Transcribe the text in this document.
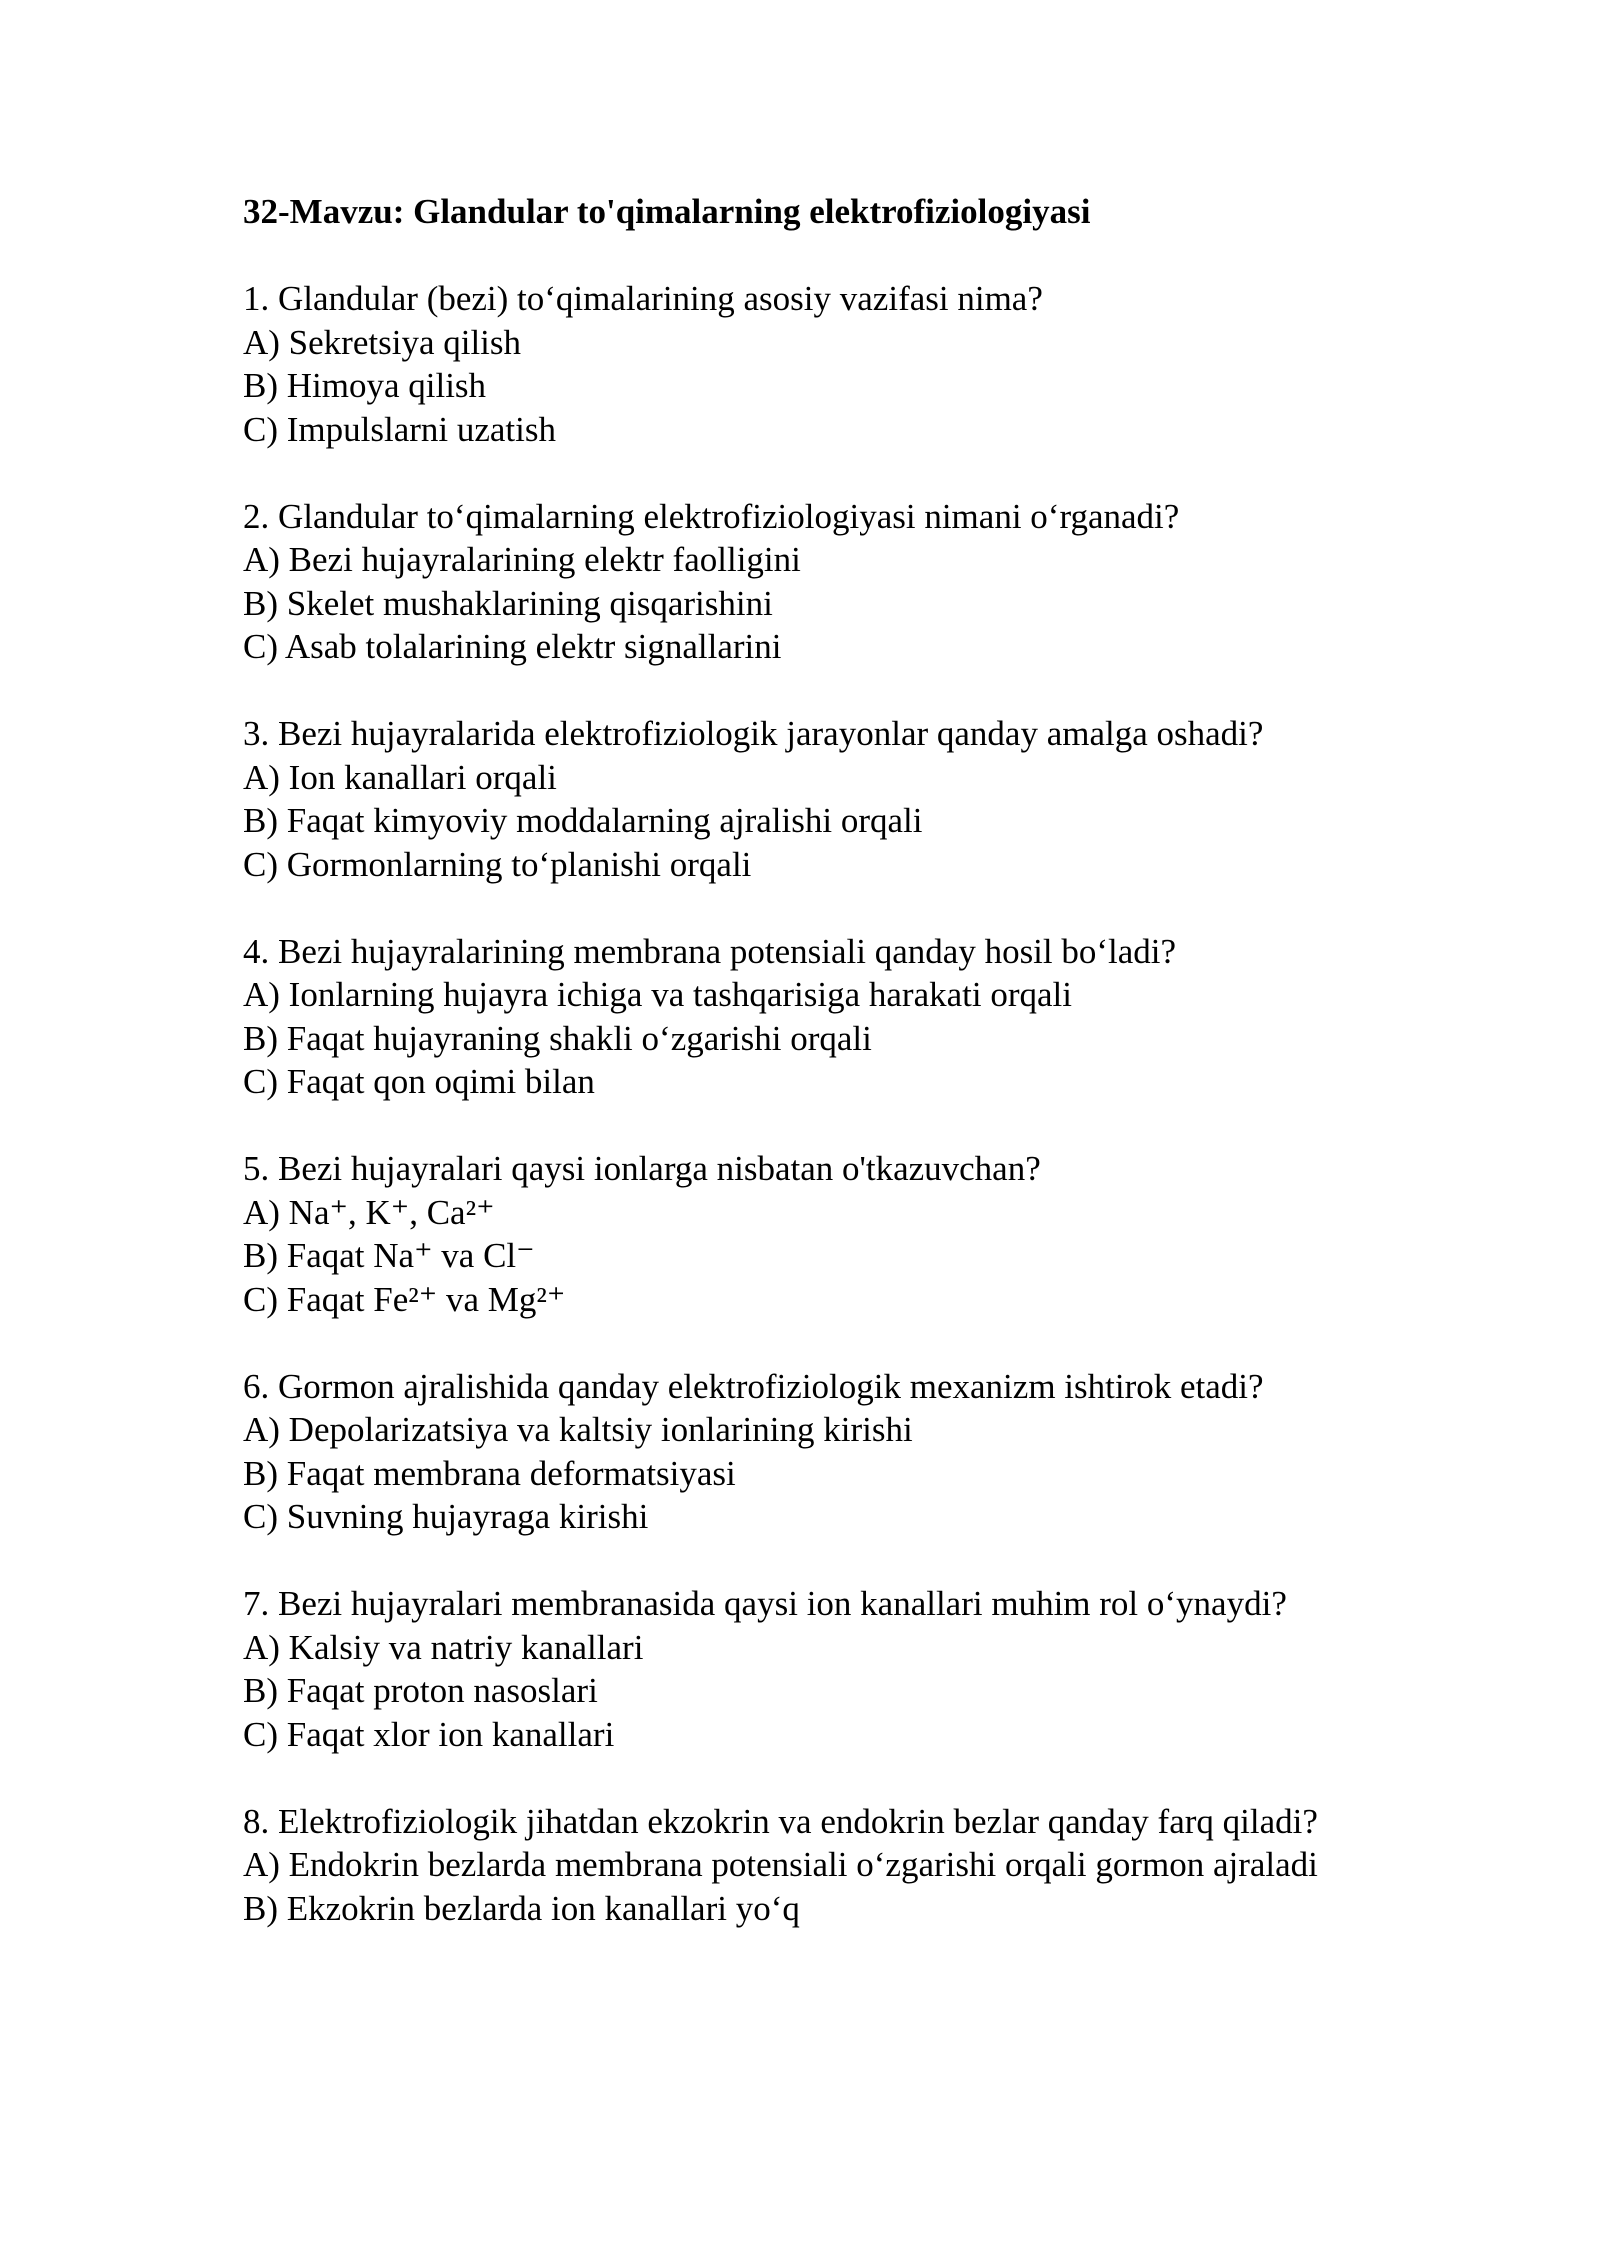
32-Mavzu: Glandular to'qimalarning elektrofiziologiyasi
1. Glandular (bezi) to‘qimalarining asosiy vazifasi nima?
A) Sekretsiya qilish
B) Himoya qilish
C) Impulslarni uzatish
2. Glandular to‘qimalarning elektrofiziologiyasi nimani o‘rganadi?
A) Bezi hujayralarining elektr faolligini
B) Skelet mushaklarining qisqarishini
C) Asab tolalarining elektr signallarini
3. Bezi hujayralarida elektrofiziologik jarayonlar qanday amalga oshadi?
A) Ion kanallari orqali
B) Faqat kimyoviy moddalarning ajralishi orqali
C) Gormonlarning to‘planishi orqali
4. Bezi hujayralarining membrana potensiali qanday hosil bo‘ladi?
A) Ionlarning hujayra ichiga va tashqarisiga harakati orqali
B) Faqat hujayraning shakli o‘zgarishi orqali
C) Faqat qon oqimi bilan
5. Bezi hujayralari qaysi ionlarga nisbatan o'tkazuvchan?
A) Na⁺, K⁺, Ca²⁺
B) Faqat Na⁺ va Cl⁻
C) Faqat Fe²⁺ va Mg²⁺
6. Gormon ajralishida qanday elektrofiziologik mexanizm ishtirok etadi?
A) Depolarizatsiya va kaltsiy ionlarining kirishi
B) Faqat membrana deformatsiyasi
C) Suvning hujayraga kirishi
7. Bezi hujayralari membranasida qaysi ion kanallari muhim rol o‘ynaydi?
A) Kalsiy va natriy kanallari
B) Faqat proton nasoslari
C) Faqat xlor ion kanallari
8. Elektrofiziologik jihatdan ekzokrin va endokrin bezlar qanday farq qiladi?
A) Endokrin bezlarda membrana potensiali o‘zgarishi orqali gormon ajraladi
B) Ekzokrin bezlarda ion kanallari yo‘q
